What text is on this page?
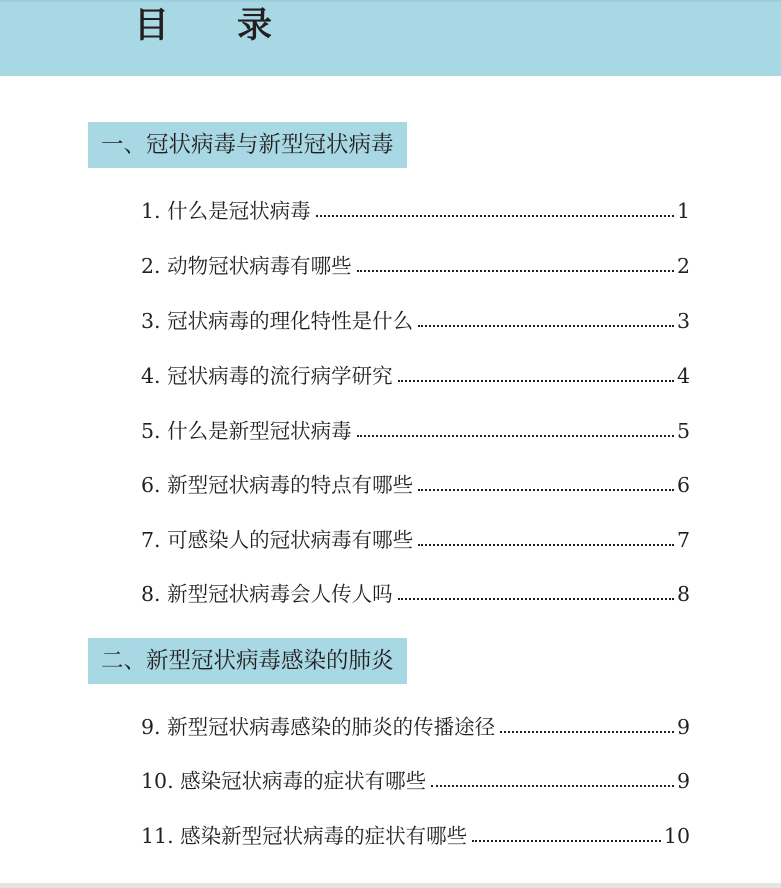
目录
一、冠状病毒与新型冠状病毒
1. 什么是冠状病毒	1
2. 动物冠状病毒有哪些	2
3. 冠状病毒的理化特性是什么	3
4. 冠状病毒的流行病学研究	4
5. 什么是新型冠状病毒	5
6. 新型冠状病毒的特点有哪些	6
7. 可感染人的冠状病毒有哪些	7
8. 新型冠状病毒会人传人吗	8
二、新型冠状病毒感染的肺炎
9. 新型冠状病毒感染的肺炎的传播途径	9
10. 感染冠状病毒的症状有哪些	9
11. 感染新型冠状病毒的症状有哪些	10
